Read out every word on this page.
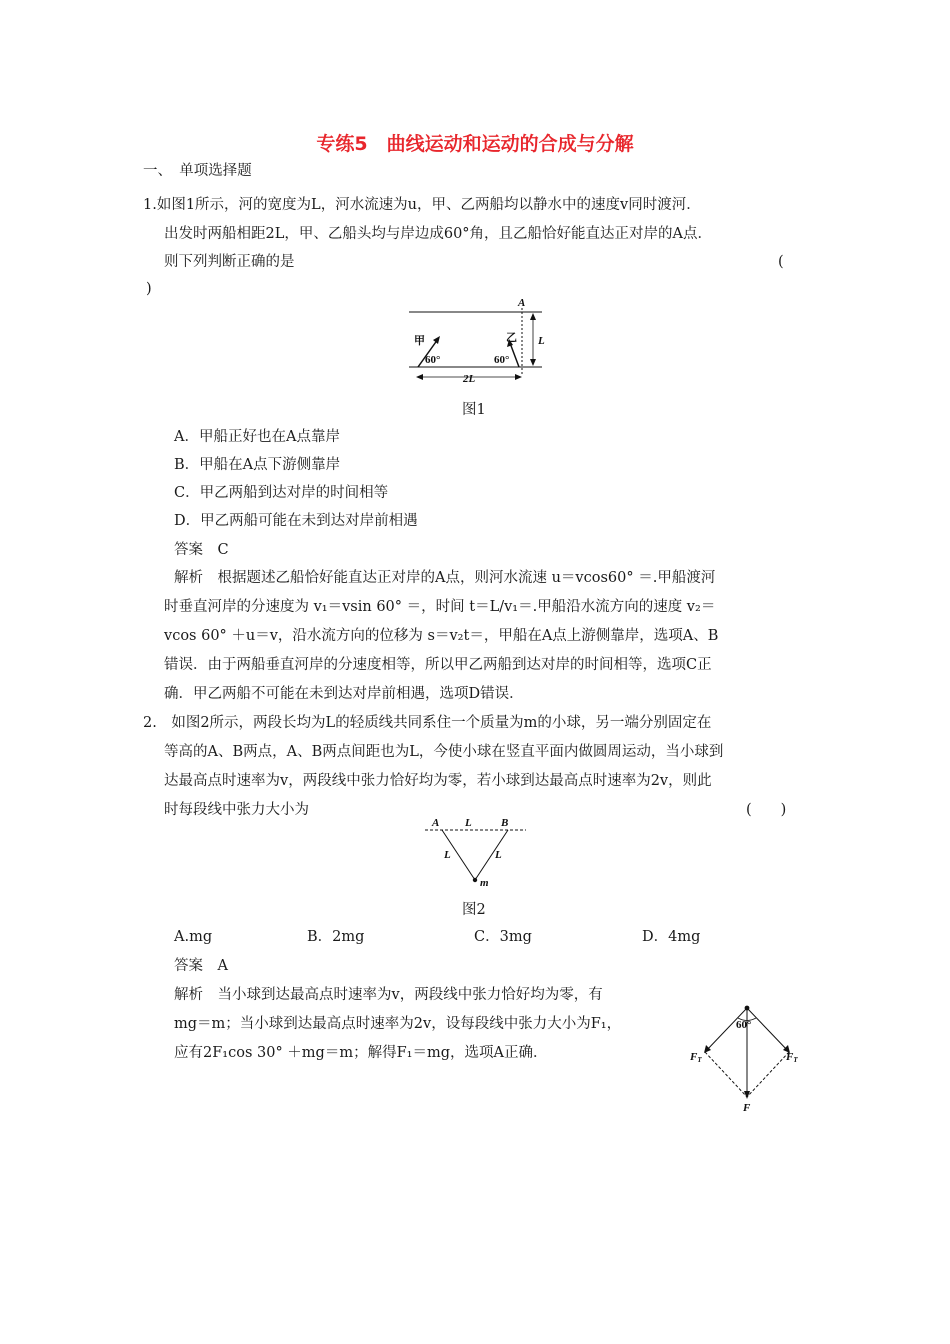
专练5　曲线运动和运动的合成与分解
一、　单项选择题
1.如图1所示，河的宽度为L，河水流速为u，甲、乙两船均以静水中的速度v同时渡河．
出发时两船相距2L，甲、乙船头均与岸边成60°角，且乙船恰好能直达正对岸的A点．
则下列判断正确的是	(
)
A
甲	乙
60°	60°
L
2L
图1
A．甲船正好也在A点靠岸
B．甲船在A点下游侧靠岸
C．甲乙两船到达对岸的时间相等
D．甲乙两船可能在未到达对岸前相遇
答案　C
解析　根据题述乙船恰好能直达正对岸的A点，则河水流速 u＝vcos60° ＝.甲船渡河
时垂直河岸的分速度为 v₁＝vsin 60° ＝，时间 t＝L/v₁＝.甲船沿水流方向的速度 v₂＝
vcos 60° ＋u＝v，沿水流方向的位移为 s＝v₂t＝，甲船在A点上游侧靠岸，选项A、B
错误．由于两船垂直河岸的分速度相等，所以甲乙两船到达对岸的时间相等，选项C正
确．甲乙两船不可能在未到达对岸前相遇，选项D错误．
2.　如图2所示，两段长均为L的轻质线共同系住一个质量为m的小球，另一端分别固定在
等高的A、B两点，A、B两点间距也为L，今使小球在竖直平面内做圆周运动，当小球到
达最高点时速率为v，两段线中张力恰好均为零，若小球到达最高点时速率为2v，则此
时每段线中张力大小为	(　　)
A L	B
L	L
m
图2
A.mg	B．2mg	C．3mg	D．4mg
答案　A
解析　当小球到达最高点时速率为v，两段线中张力恰好均为零，有
mg＝m；当小球到达最高点时速率为2v，设每段线中张力大小为F₁，
应有2F₁cos 30° ＋mg＝m；解得F₁＝mg，选项A正确．
60°
FT	FT
F
